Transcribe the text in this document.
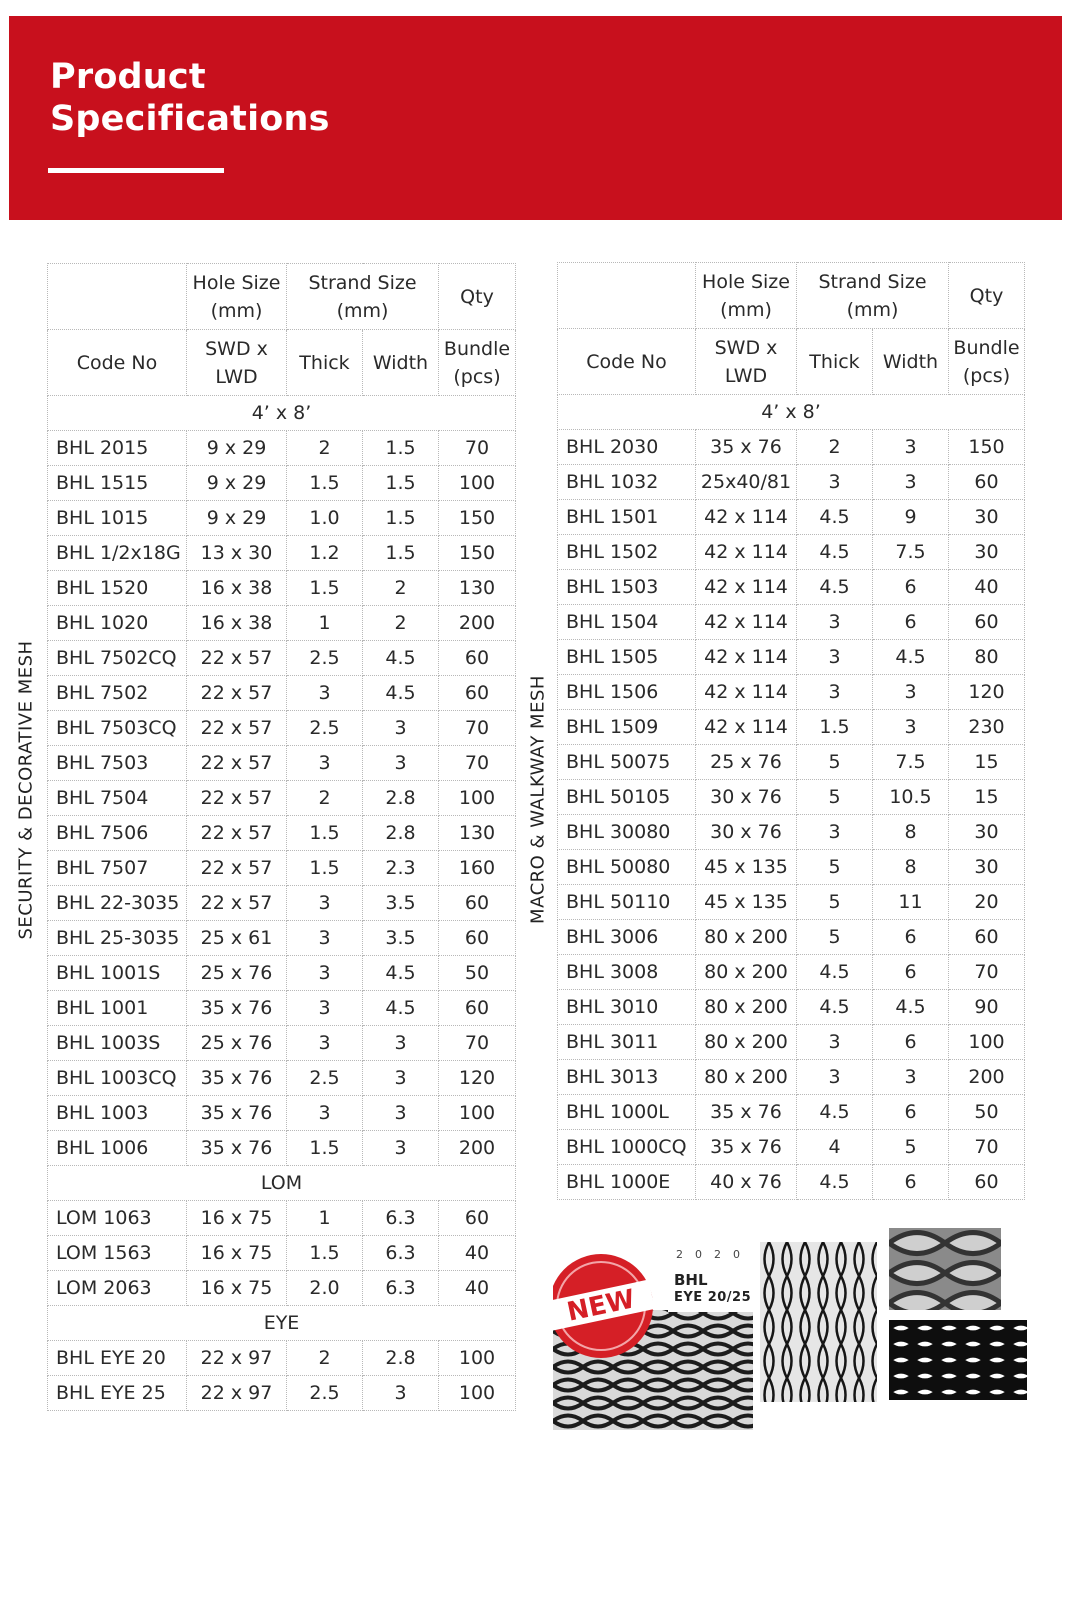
Product
Specifications
SECURITY & DECORATIVE MESH	MACRO & WALKWAY MESH
	Hole Size (mm)	Strand Size (mm)		Qty
Code No	SWD x LWD	Thick	Width	Bundle (pcs)
4’ x 8’				
BHL 2015	9 x 29	2	1.5	70
BHL 1515	9 x 29	1.5	1.5	100
BHL 1015	9 x 29	1.0	1.5	150
BHL 1/2x18G	13 x 30	1.2	1.5	150
BHL 1520	16 x 38	1.5	2	130
BHL 1020	16 x 38	1	2	200
BHL 7502CQ	22 x 57	2.5	4.5	60
BHL 7502	22 x 57	3	4.5	60
BHL 7503CQ	22 x 57	2.5	3	70
BHL 7503	22 x 57	3	3	70
BHL 7504	22 x 57	2	2.8	100
BHL 7506	22 x 57	1.5	2.8	130
BHL 7507	22 x 57	1.5	2.3	160
BHL 22-3035	22 x 57	3	3.5	60
BHL 25-3035	25 x 61	3	3.5	60
BHL 1001S	25 x 76	3	4.5	50
BHL 1001	35 x 76	3	4.5	60
BHL 1003S	25 x 76	3	3	70
BHL 1003CQ	35 x 76	2.5	3	120
BHL 1003	35 x 76	3	3	100
BHL 1006	35 x 76	1.5	3	200
LOM				
LOM 1063	16 x 75	1	6.3	60
LOM 1563	16 x 75	1.5	6.3	40
LOM 2063	16 x 75	2.0	6.3	40
EYE				
BHL EYE 20	22 x 97	2	2.8	100
BHL EYE 25	22 x 97	2.5	3	100
	Hole Size (mm)	Strand Size (mm)		Qty
Code No	SWD x LWD	Thick	Width	Bundle (pcs)
4’ x 8’				
BHL 2030	35 x 76	2	3	150
BHL 1032	25x40/81	3	3	60
BHL 1501	42 x 114	4.5	9	30
BHL 1502	42 x 114	4.5	7.5	30
BHL 1503	42 x 114	4.5	6	40
BHL 1504	42 x 114	3	6	60
BHL 1505	42 x 114	3	4.5	80
BHL 1506	42 x 114	3	3	120
BHL 1509	42 x 114	1.5	3	230
BHL 50075	25 x 76	5	7.5	15
BHL 50105	30 x 76	5	10.5	15
BHL 30080	30 x 76	3	8	30
BHL 50080	45 x 135	5	8	30
BHL 50110	45 x 135	5	11	20
BHL 3006	80 x 200	5	6	60
BHL 3008	80 x 200	4.5	6	70
BHL 3010	80 x 200	4.5	4.5	90
BHL 3011	80 x 200	3	6	100
BHL 3013	80 x 200	3	3	200
BHL 1000L	35 x 76	4.5	6	50
BHL 1000CQ	35 x 76	4	5	70
BHL 1000E	40 x 76	4.5	6	60
NEW
2020
BHL
EYE 20/25
